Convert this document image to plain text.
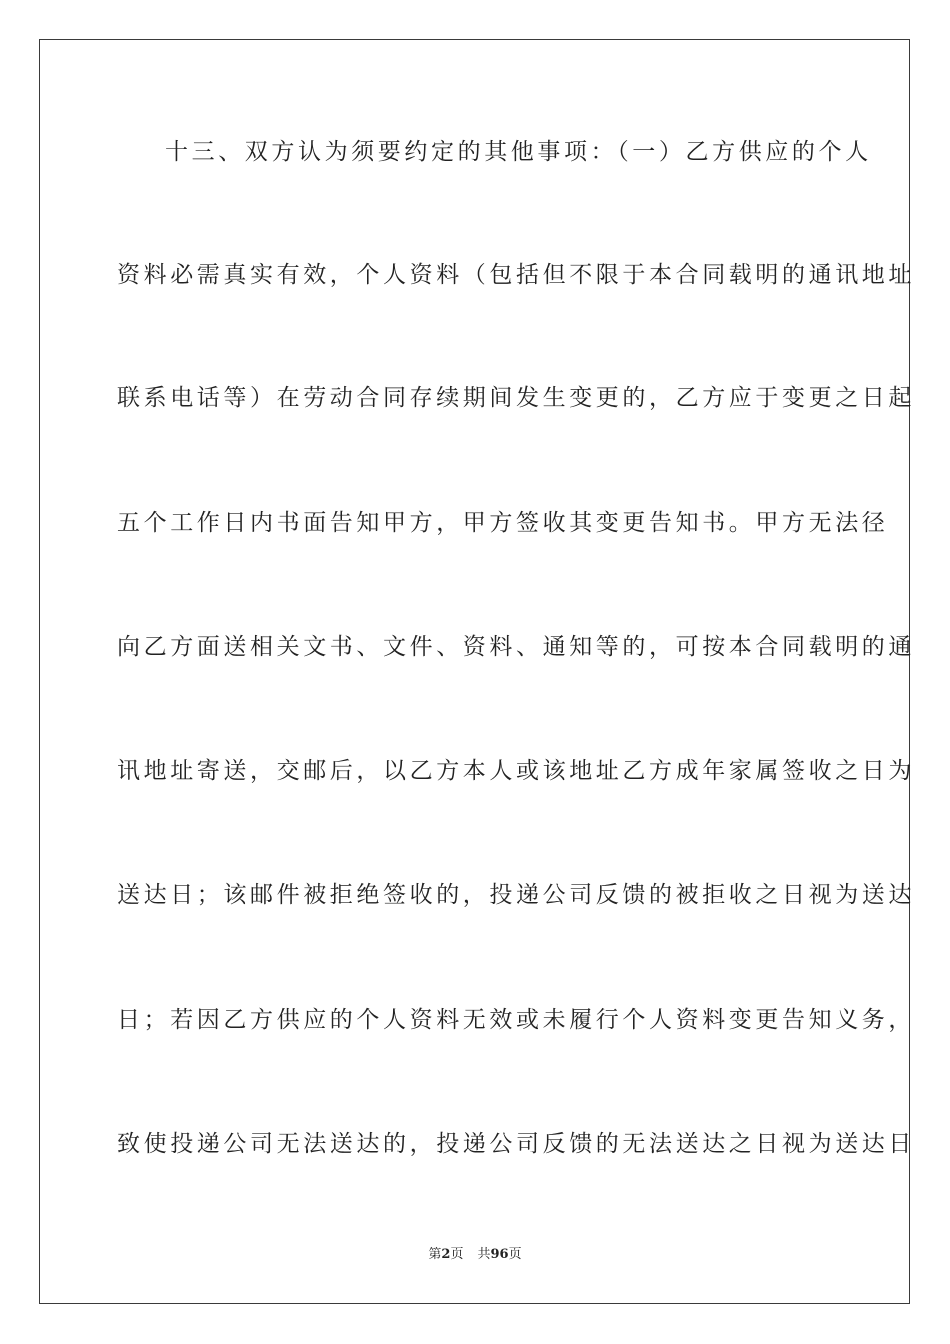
十三、双方认为须要约定的其他事项：（一）乙方供应的个人
资料必需真实有效，个人资料（包括但不限于本合同载明的通讯地址
联系电话等）在劳动合同存续期间发生变更的，乙方应于变更之日起
五个工作日内书面告知甲方，甲方签收其变更告知书。甲方无法径
向乙方面送相关文书、文件、资料、通知等的，可按本合同载明的通
讯地址寄送，交邮后，以乙方本人或该地址乙方成年家属签收之日为
送达日；该邮件被拒绝签收的，投递公司反馈的被拒收之日视为送达
日；若因乙方供应的个人资料无效或未履行个人资料变更告知义务，
致使投递公司无法送达的，投递公司反馈的无法送达之日视为送达日
第2页 共96页
